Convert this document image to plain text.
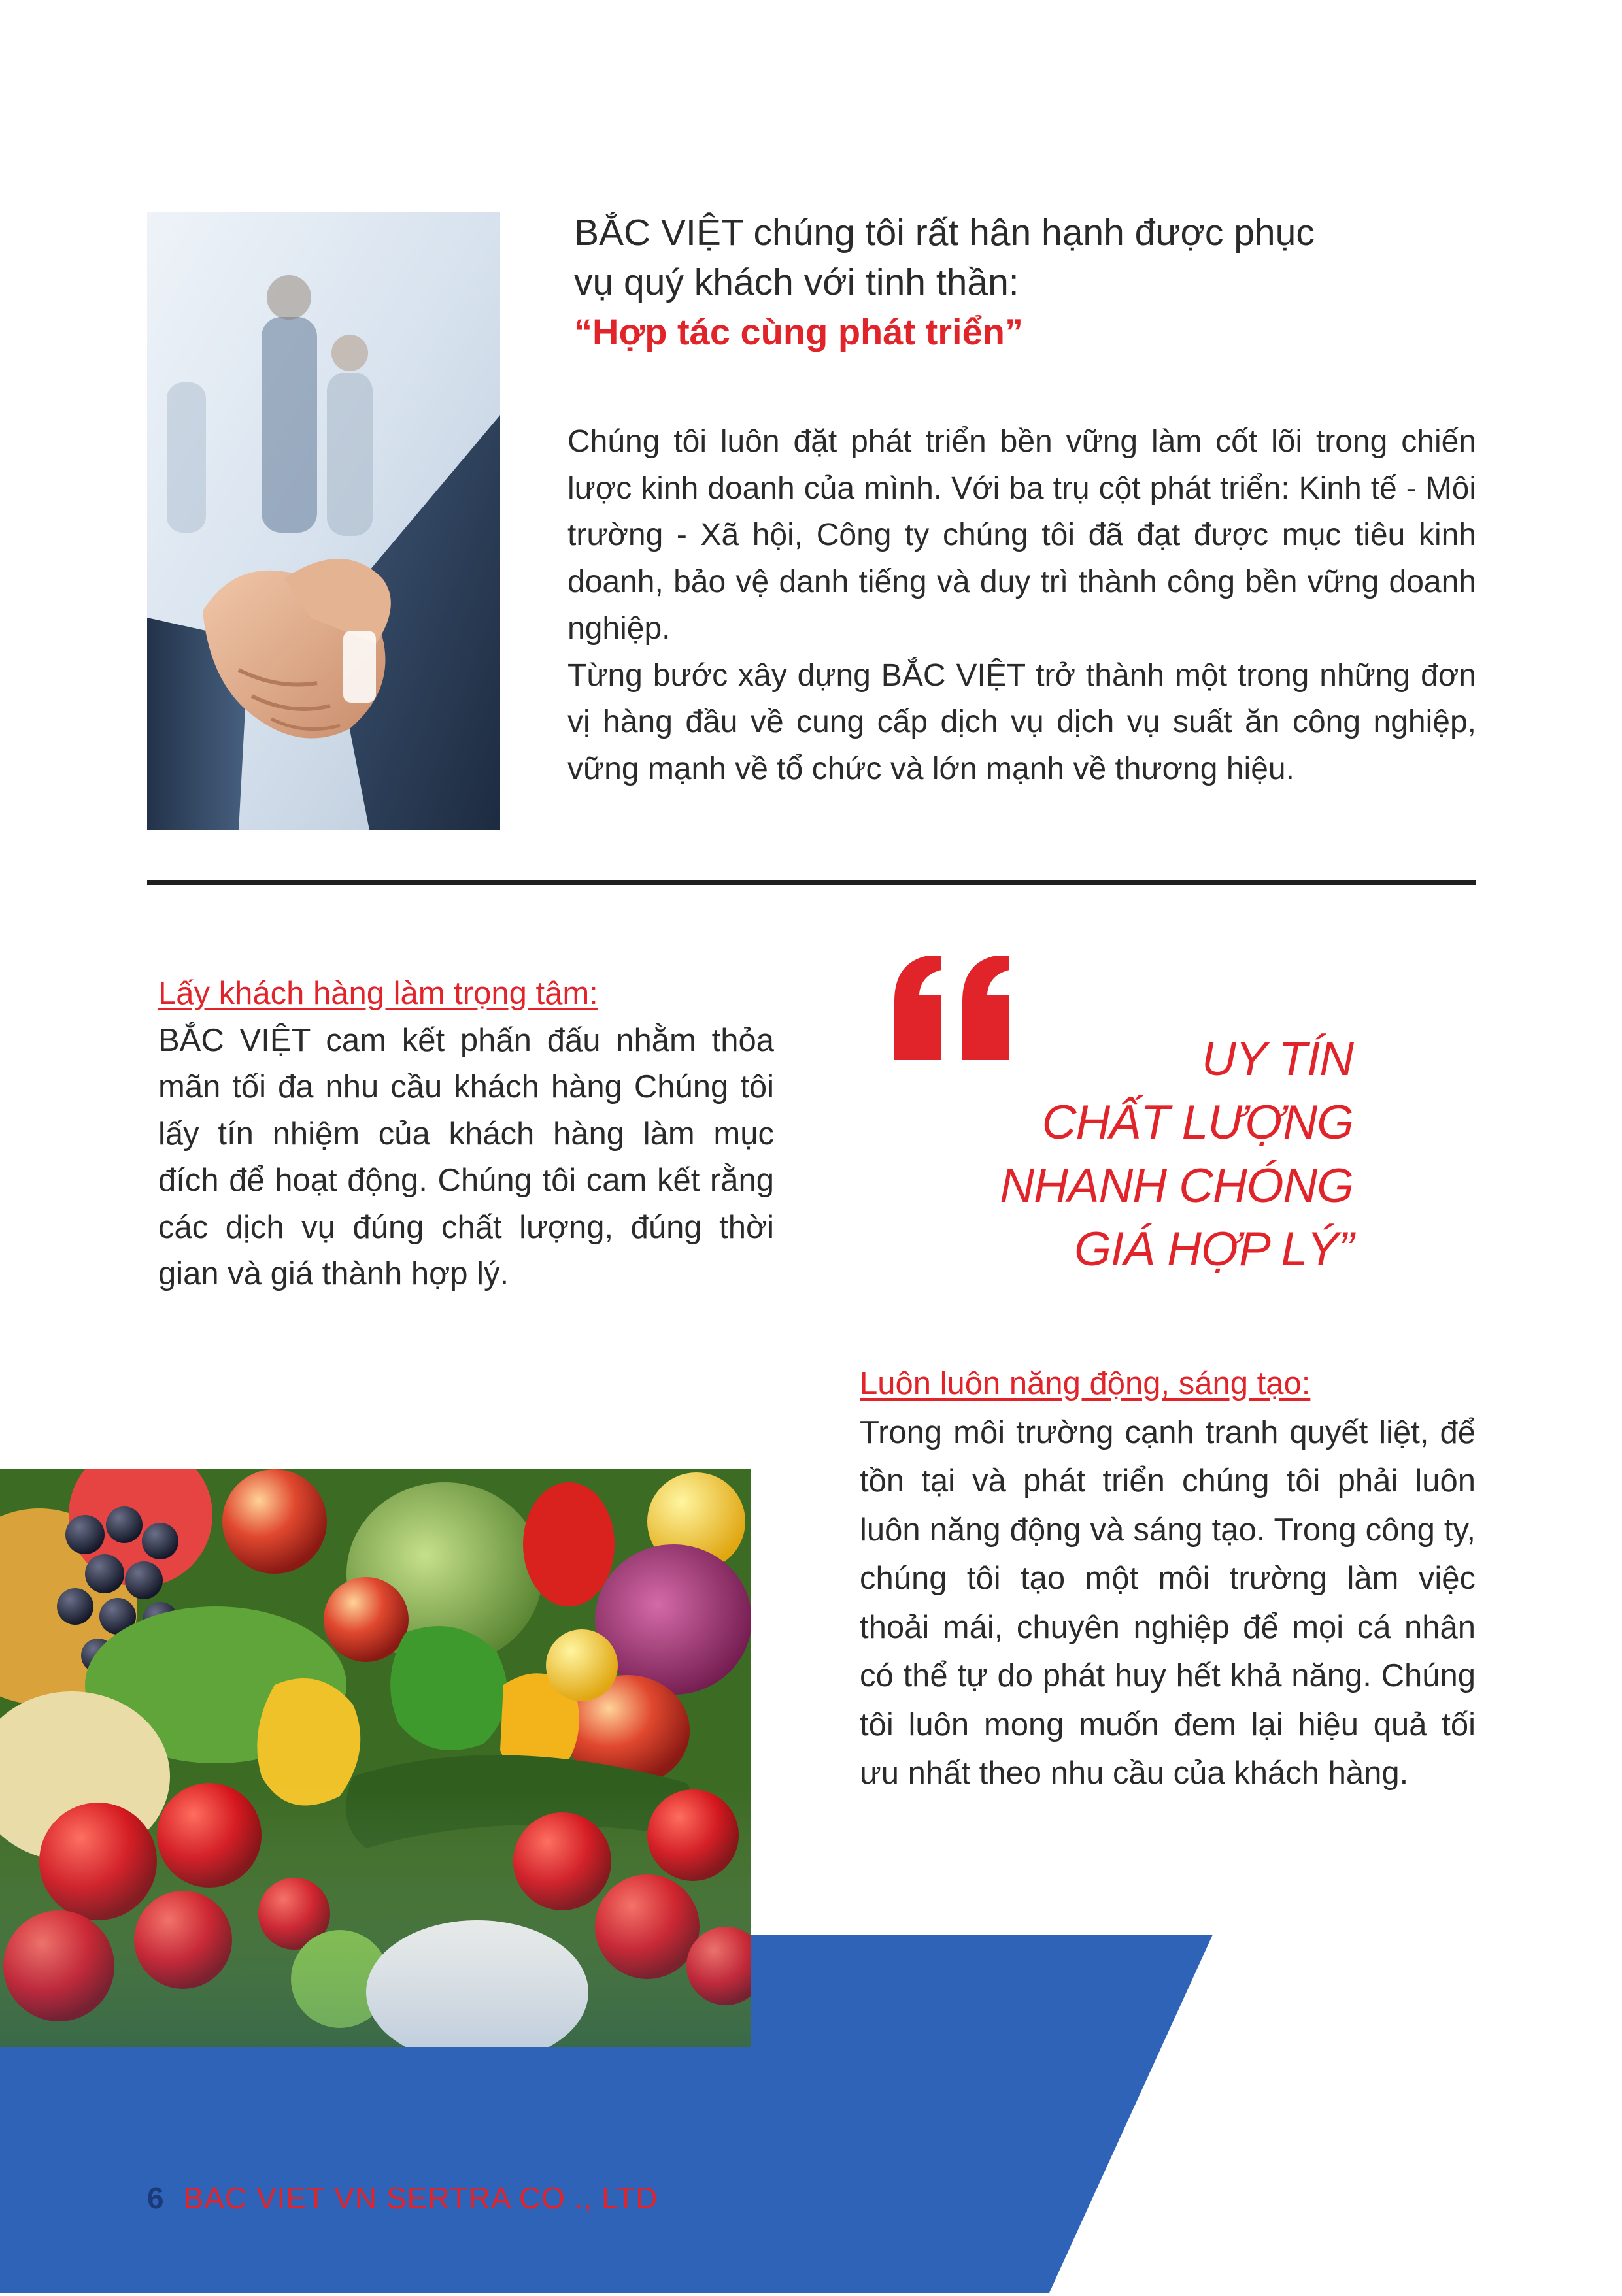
BẮC VIỆT chúng tôi rất hân hạnh được phục
vụ quý khách với tinh thần:
“Hợp tác cùng phát triển”

Chúng tôi luôn đặt phát triển bền vững làm cốt lõi trong chiến lược kinh doanh của mình. Với ba trụ cột phát triển: Kinh tế - Môi trường - Xã hội, Công ty chúng tôi đã đạt được mục tiêu kinh doanh, bảo vệ danh tiếng và duy trì thành công bền vững doanh nghiệp.

Từng bước xây dựng BẮC VIỆT trở thành một trong những đơn vị hàng đầu về cung cấp dịch vụ dịch vụ suất ăn công nghiệp, vững mạnh về tổ chức và lớn mạnh về thương hiệu.

Lấy khách hàng làm trọng tâm:
BẮC VIỆT cam kết phấn đấu nhằm thỏa mãn tối đa nhu cầu khách hàng Chúng tôi lấy tín nhiệm của khách hàng làm mục đích để hoạt động. Chúng tôi cam kết rằng các dịch vụ đúng chất lượng, đúng thời gian và giá thành hợp lý.
UY TÍN
CHẤT LƯỢNG
NHANH CHÓNG
GIÁ HỢP LÝ”
Luôn luôn năng động, sáng tạo:
Trong môi trường cạnh tranh quyết liệt, để tồn tại và phát triển chúng tôi phải luôn luôn năng động và sáng tạo. Trong công ty, chúng tôi tạo một môi trường làm việc thoải mái, chuyên nghiệp để mọi cá nhân có thể tự do phát huy hết khả năng. Chúng tôi luôn mong muốn đem lại hiệu quả tối ưu nhất theo nhu cầu của khách hàng.
6 BAC VIET VN SERTRA CO ., LTD
